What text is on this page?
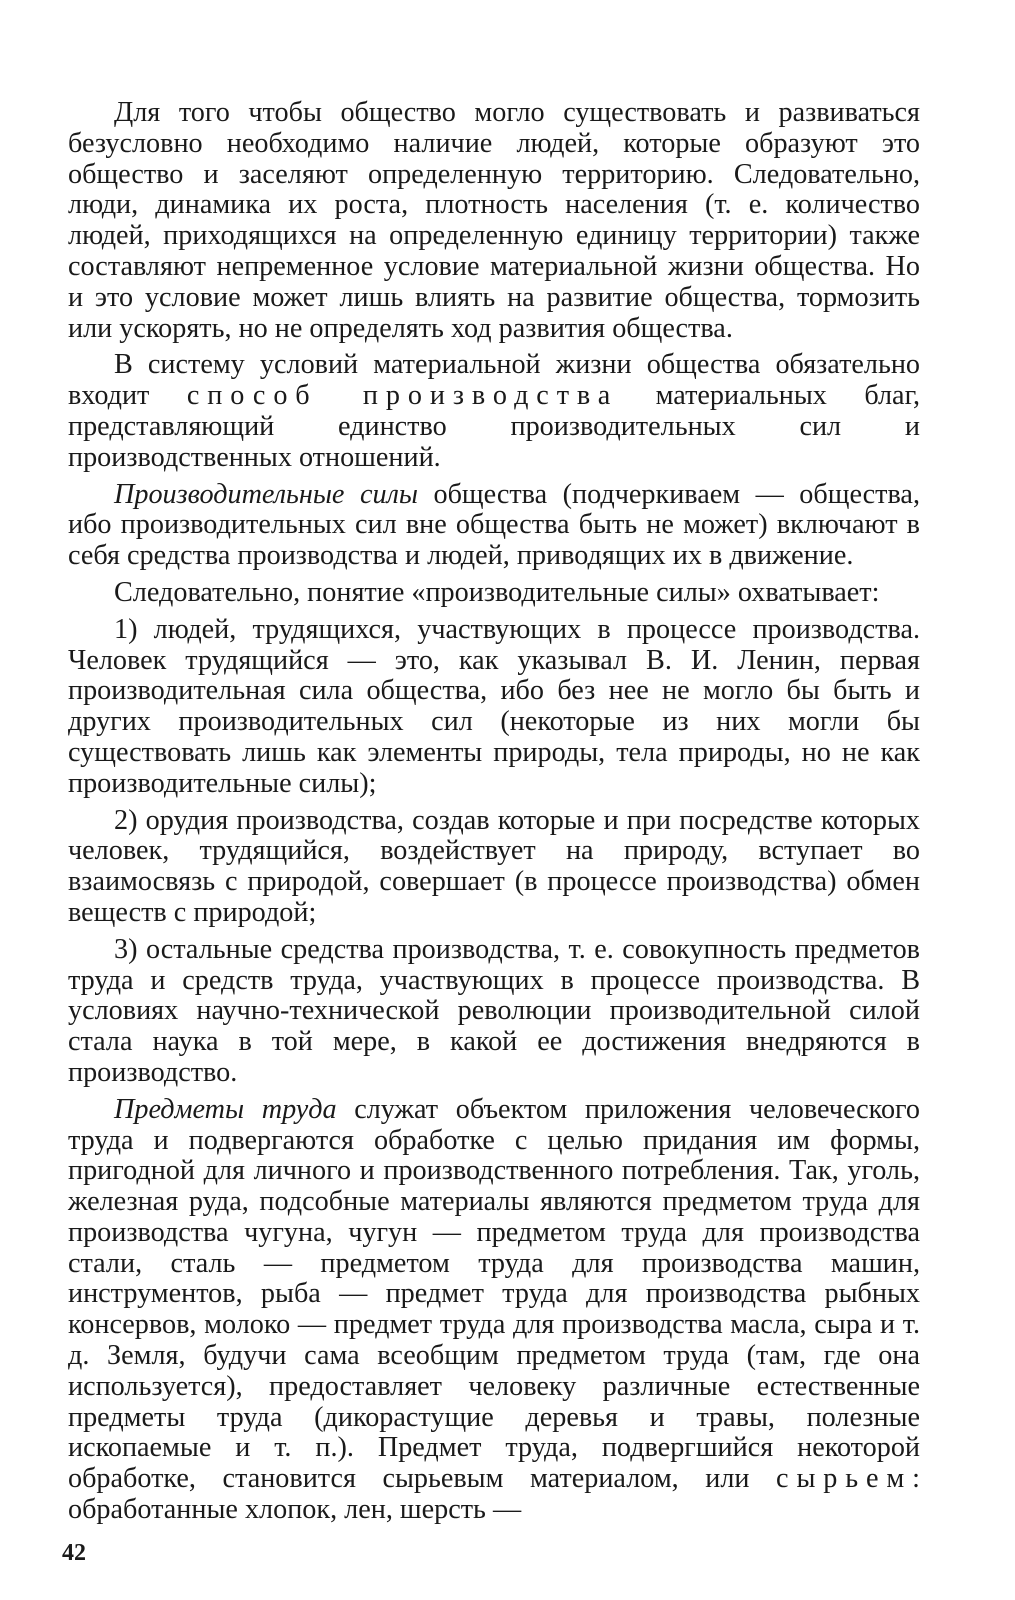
Для того чтобы общество могло существовать и развиваться безусловно необходимо наличие людей, которые образуют это общество и заселяют определенную территорию. Следовательно, люди, динамика их роста, плотность населения (т. е. количество людей, приходящихся на определенную единицу территории) также составляют непременное условие материальной жизни общества. Но и это условие может лишь влиять на развитие общества, тормозить или ускорять, но не определять ход развития общества.

В систему условий материальной жизни общества обязательно входит способ производства материальных благ, представляющий единство производительных сил и производственных отношений.

Производительные силы общества (подчеркиваем — общества, ибо производительных сил вне общества быть не может) включают в себя средства производства и людей, приводящих их в движение.

Следовательно, понятие «производительные силы» охватывает:

1) людей, трудящихся, участвующих в процессе производства. Человек трудящийся — это, как указывал В. И. Ленин, первая производительная сила общества, ибо без нее не могло бы быть и других производительных сил (некоторые из них могли бы существовать лишь как элементы природы, тела природы, но не как производительные силы);

2) орудия производства, создав которые и при посредстве которых человек, трудящийся, воздействует на природу, вступает во взаимосвязь с природой, совершает (в процессе производства) обмен веществ с природой;

3) остальные средства производства, т. е. совокупность предметов труда и средств труда, участвующих в процессе производства. В условиях научно-технической революции производительной силой стала наука в той мере, в какой ее достижения внедряются в производство.

Предметы труда служат объектом приложения человеческого труда и подвергаются обработке с целью придания им формы, пригодной для личного и производственного потребления. Так, уголь, железная руда, подсобные материалы являются предметом труда для производства чугуна, чугун — предметом труда для производства стали, сталь — предметом труда для производства машин, инструментов, рыба — предмет труда для производства рыбных консервов, молоко — предмет труда для производства масла, сыра и т. д. Земля, будучи сама всеобщим предметом труда (там, где она используется), предоставляет человеку различные естественные предметы труда (дикорастущие деревья и травы, полезные ископаемые и т. п.). Предмет труда, подвергшийся некоторой обработке, становится сырьевым материалом, или сырьем: обработанные хлопок, лен, шерсть —

42
